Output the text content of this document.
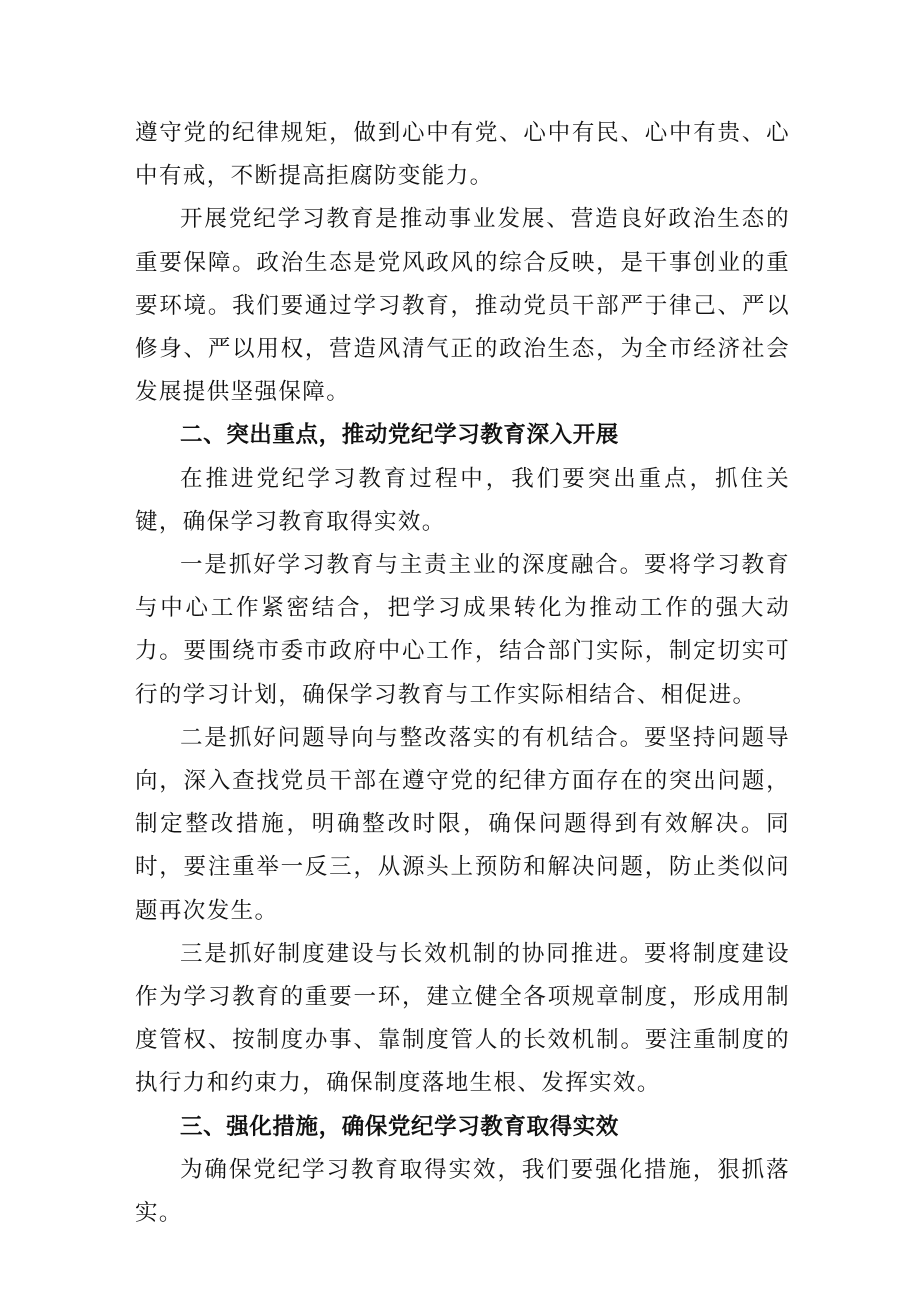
遵守党的纪律规矩，做到心中有党、心中有民、心中有贵、心中有戒，不断提高拒腐防变能力。

开展党纪学习教育是推动事业发展、营造良好政治生态的重要保障。政治生态是党风政风的综合反映，是干事创业的重要环境。我们要通过学习教育，推动党员干部严于律己、严以修身、严以用权，营造风清气正的政治生态，为全市经济社会发展提供坚强保障。

二、突出重点，推动党纪学习教育深入开展

在推进党纪学习教育过程中，我们要突出重点，抓住关键，确保学习教育取得实效。

一是抓好学习教育与主责主业的深度融合。要将学习教育与中心工作紧密结合，把学习成果转化为推动工作的强大动力。要围绕市委市政府中心工作，结合部门实际，制定切实可行的学习计划，确保学习教育与工作实际相结合、相促进。

二是抓好问题导向与整改落实的有机结合。要坚持问题导向，深入查找党员干部在遵守党的纪律方面存在的突出问题，制定整改措施，明确整改时限，确保问题得到有效解决。同时，要注重举一反三，从源头上预防和解决问题，防止类似问题再次发生。

三是抓好制度建设与长效机制的协同推进。要将制度建设作为学习教育的重要一环，建立健全各项规章制度，形成用制度管权、按制度办事、靠制度管人的长效机制。要注重制度的执行力和约束力，确保制度落地生根、发挥实效。

三、强化措施，确保党纪学习教育取得实效

为确保党纪学习教育取得实效，我们要强化措施，狠抓落实。
